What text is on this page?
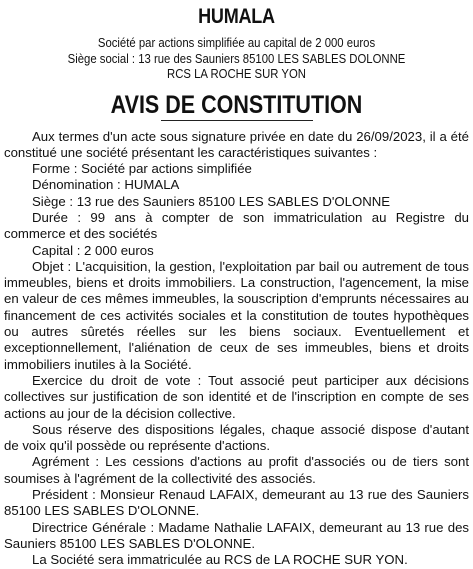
HUMALA
Société par actions simplifiée au capital de 2 000 euros
Siège social : 13 rue des Sauniers 85100 LES SABLES DOLONNE
RCS LA ROCHE SUR YON
AVIS DE CONSTITUTION

Aux termes d'un acte sous signature privée en date du 26/09/2023, il a été constitué une société présentant les caractéristiques suivantes :

Forme : Société par actions simplifiée

Dénomination : HUMALA

Siège : 13 rue des Sauniers 85100 LES SABLES D'OLONNE

Durée : 99 ans à compter de son immatriculation au Registre du commerce et des sociétés

Capital : 2 000 euros

Objet : L'acquisition, la gestion, l'exploitation par bail ou autrement de tous immeubles, biens et droits immobiliers. La construction, l'agencement, la mise en valeur de ces mêmes immeubles, la souscription d'emprunts nécessaires au financement de ces activités sociales et la constitution de toutes hypothèques ou autres sûretés réelles sur les biens sociaux. Eventuellement et exceptionnellement, l'aliénation de ceux de ses immeubles, biens et droits immobiliers inutiles à la Société.

Exercice du droit de vote : Tout associé peut participer aux décisions collectives sur justification de son identité et de l'inscription en compte de ses actions au jour de la décision collective.

Sous réserve des dispositions légales, chaque associé dispose d'autant de voix qu'il possède ou représente d'actions.

Agrément : Les cessions d'actions au profit d'associés ou de tiers sont soumises à l'agrément de la collectivité des associés.

Président : Monsieur Renaud LAFAIX, demeurant au 13 rue des Sauniers 85100 LES SABLES D'OLONNE.

Directrice Générale : Madame Nathalie LAFAIX, demeurant au 13 rue des Sauniers 85100 LES SABLES D'OLONNE.

La Société sera immatriculée au RCS de LA ROCHE SUR YON.
